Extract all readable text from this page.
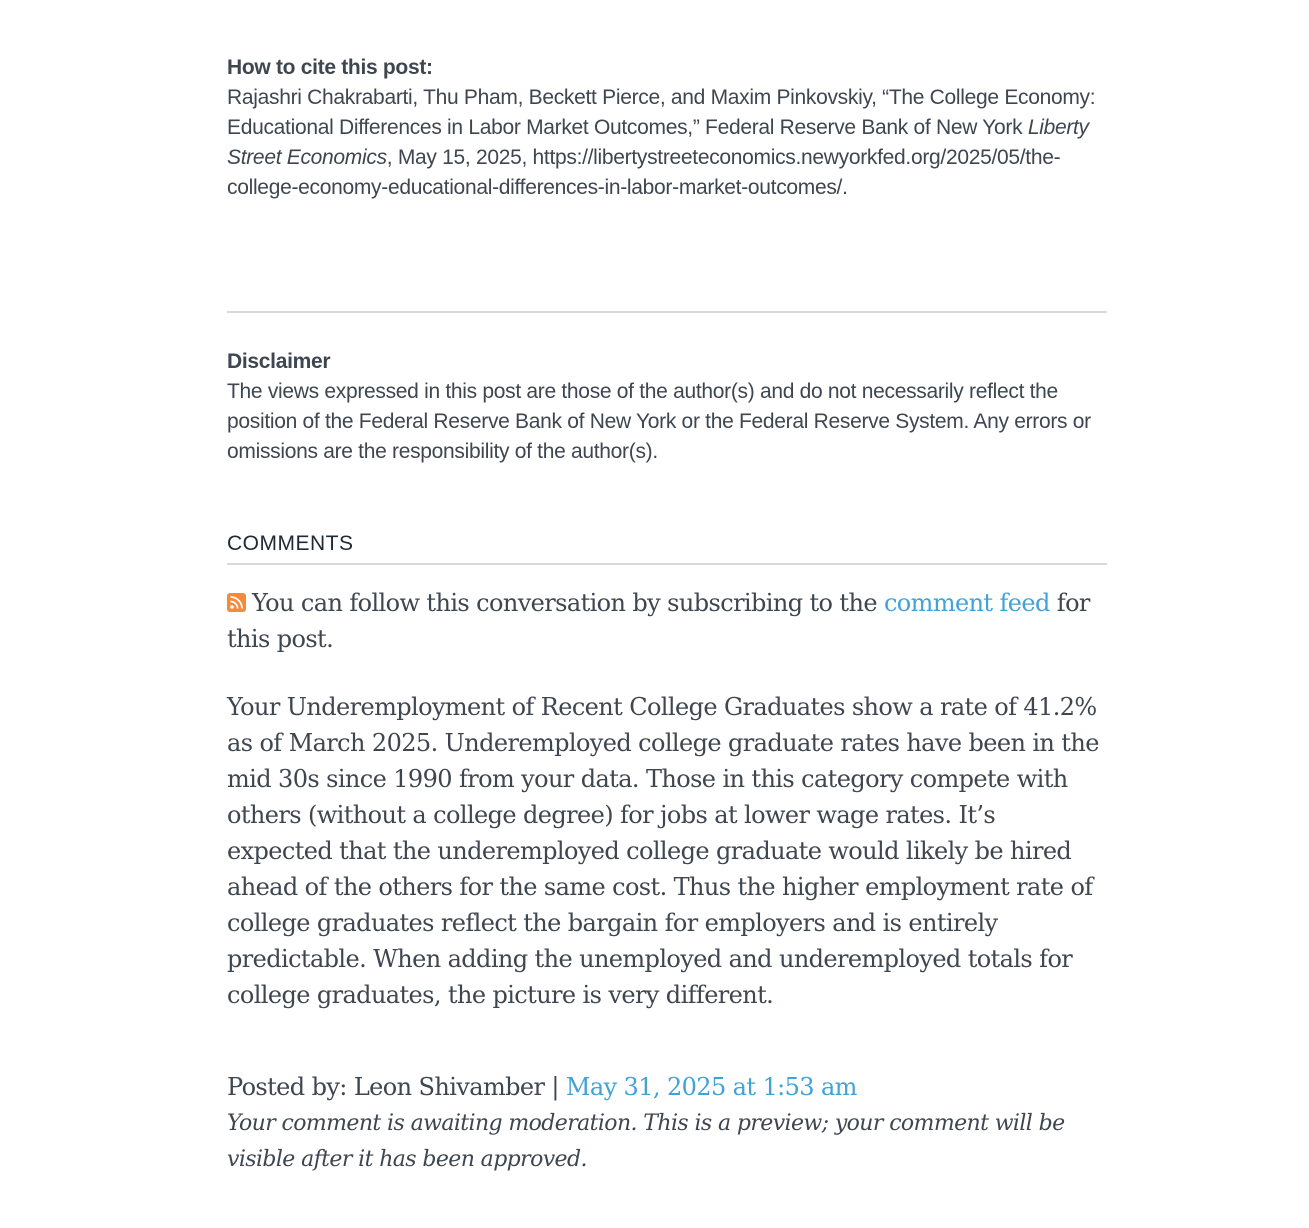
How to cite this post:
Rajashri Chakrabarti, Thu Pham, Beckett Pierce, and Maxim Pinkovskiy, “The College Economy: Educational Differences in Labor Market Outcomes,” Federal Reserve Bank of New York Liberty Street Economics, May 15, 2025, https://libertystreeteconomics.newyorkfed.org/2025/05/the-college-economy-educational-differences-in-labor-market-outcomes/.
Disclaimer
The views expressed in this post are those of the author(s) and do not necessarily reflect the position of the Federal Reserve Bank of New York or the Federal Reserve System. Any errors or omissions are the responsibility of the author(s).
COMMENTS
You can follow this conversation by subscribing to the comment feed for this post.
Your Underemployment of Recent College Graduates show a rate of 41.2% as of March 2025. Underemployed college graduate rates have been in the mid 30s since 1990 from your data. Those in this category compete with others (without a college degree) for jobs at lower wage rates. It’s expected that the underemployed college graduate would likely be hired ahead of the others for the same cost. Thus the higher employment rate of college graduates reflect the bargain for employers and is entirely predictable. When adding the unemployed and underemployed totals for college graduates, the picture is very different.
Posted by: Leon Shivamber | May 31, 2025 at 1:53 am
Your comment is awaiting moderation. This is a preview; your comment will be visible after it has been approved.
